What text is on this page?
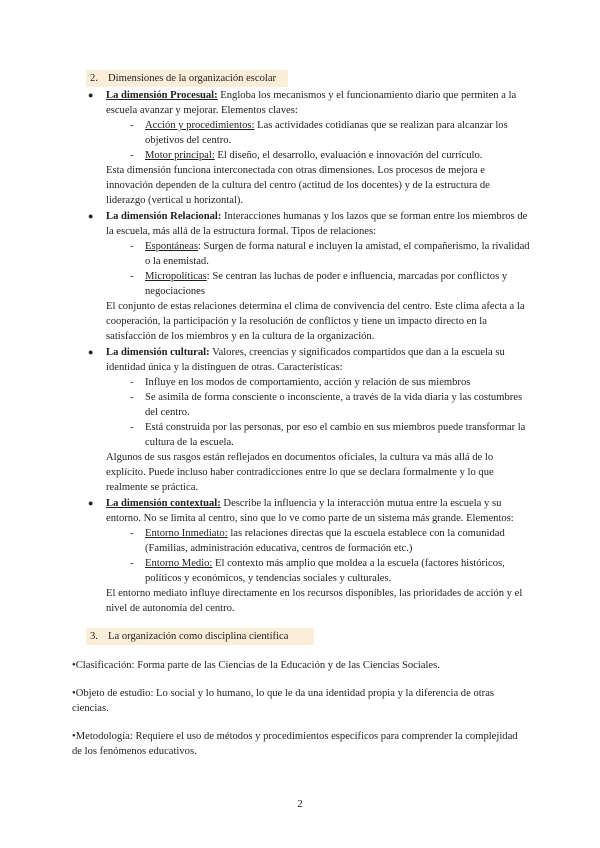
2. Dimensiones de la organización escolar
● La dimensión Procesual: Engloba los mecanismos y el funcionamiento diario que permiten a la escuela avanzar y mejorar. Elementos claves:
- Acción y procedimientos: Las actividades cotidianas que se realizan para alcanzar los objetivos del centro.
- Motor principal: El diseño, el desarrollo, evaluación e innovación del currículo.
Esta dimensión funciona interconectada con otras dimensiones. Los procesos de mejora e innovación dependen de la cultura del centro (actitud de los docentes) y de la estructura de liderazgo (vertical u horizontal).
● La dimensión Relacional: Interacciones humanas y los lazos que se forman entre los miembros de la escuela, más allá de la estructura formal. Tipos de relaciones:
- Espontáneas: Surgen de forma natural e incluyen la amistad, el compañerismo, la rivalidad o la enemistad.
- Micropolíticas: Se centran las luchas de poder e influencia, marcadas por conflictos y negociaciones
El conjunto de estas relaciones determina el clima de convivencia del centro. Este clima afecta a la cooperación, la participación y la resolución de conflictos y tiene un impacto directo en la satisfacción de los miembros y en la cultura de la organización.
● La dimensión cultural: Valores, creencias y significados compartidos que dan a la escuela su identidad única y la distinguen de otras. Características:
- Influye en los modos de comportamiento, acción y relación de sus miembros
- Se asimila de forma consciente o inconsciente, a través de la vida diaria y las costumbres del centro.
- Está construida por las personas, por eso el cambio en sus miembros puede transformar la cultura de la escuela.
Algunos de sus rasgos están reflejados en documentos oficiales, la cultura va más allá de lo explícito. Puede incluso haber contradicciones entre lo que se declara formalmente y lo que realmente se práctica.
● La dimensión contextual: Describe la influencia y la interacción mutua entre la escuela y su entorno. No se limita al centro, sino que lo ve como parte de un sistema más grande. Elementos:
- Entorno Inmediato: las relaciones directas que la escuela establece con la comunidad (Familias, administración educativa, centros de formación etc.)
- Entorno Medio: El contexto más amplio que moldea a la escuela (factores históricos, políticos y económicos, y tendencias sociales y culturales.
El entorno mediato influye directamente en los recursos disponibles, las prioridades de acción y el nivel de autonomía del centro.
3. La organización como disciplina científica
•Clasificación: Forma parte de las Ciencias de la Educación y de las Ciencias Sociales.
•Objeto de estudio: Lo social y lo humano, lo que le da una identidad propia y la diferencia de otras ciencias.
•Metodología: Requiere el uso de métodos y procedimientos específicos para comprender la complejidad de los fenómenos educativos.
2
